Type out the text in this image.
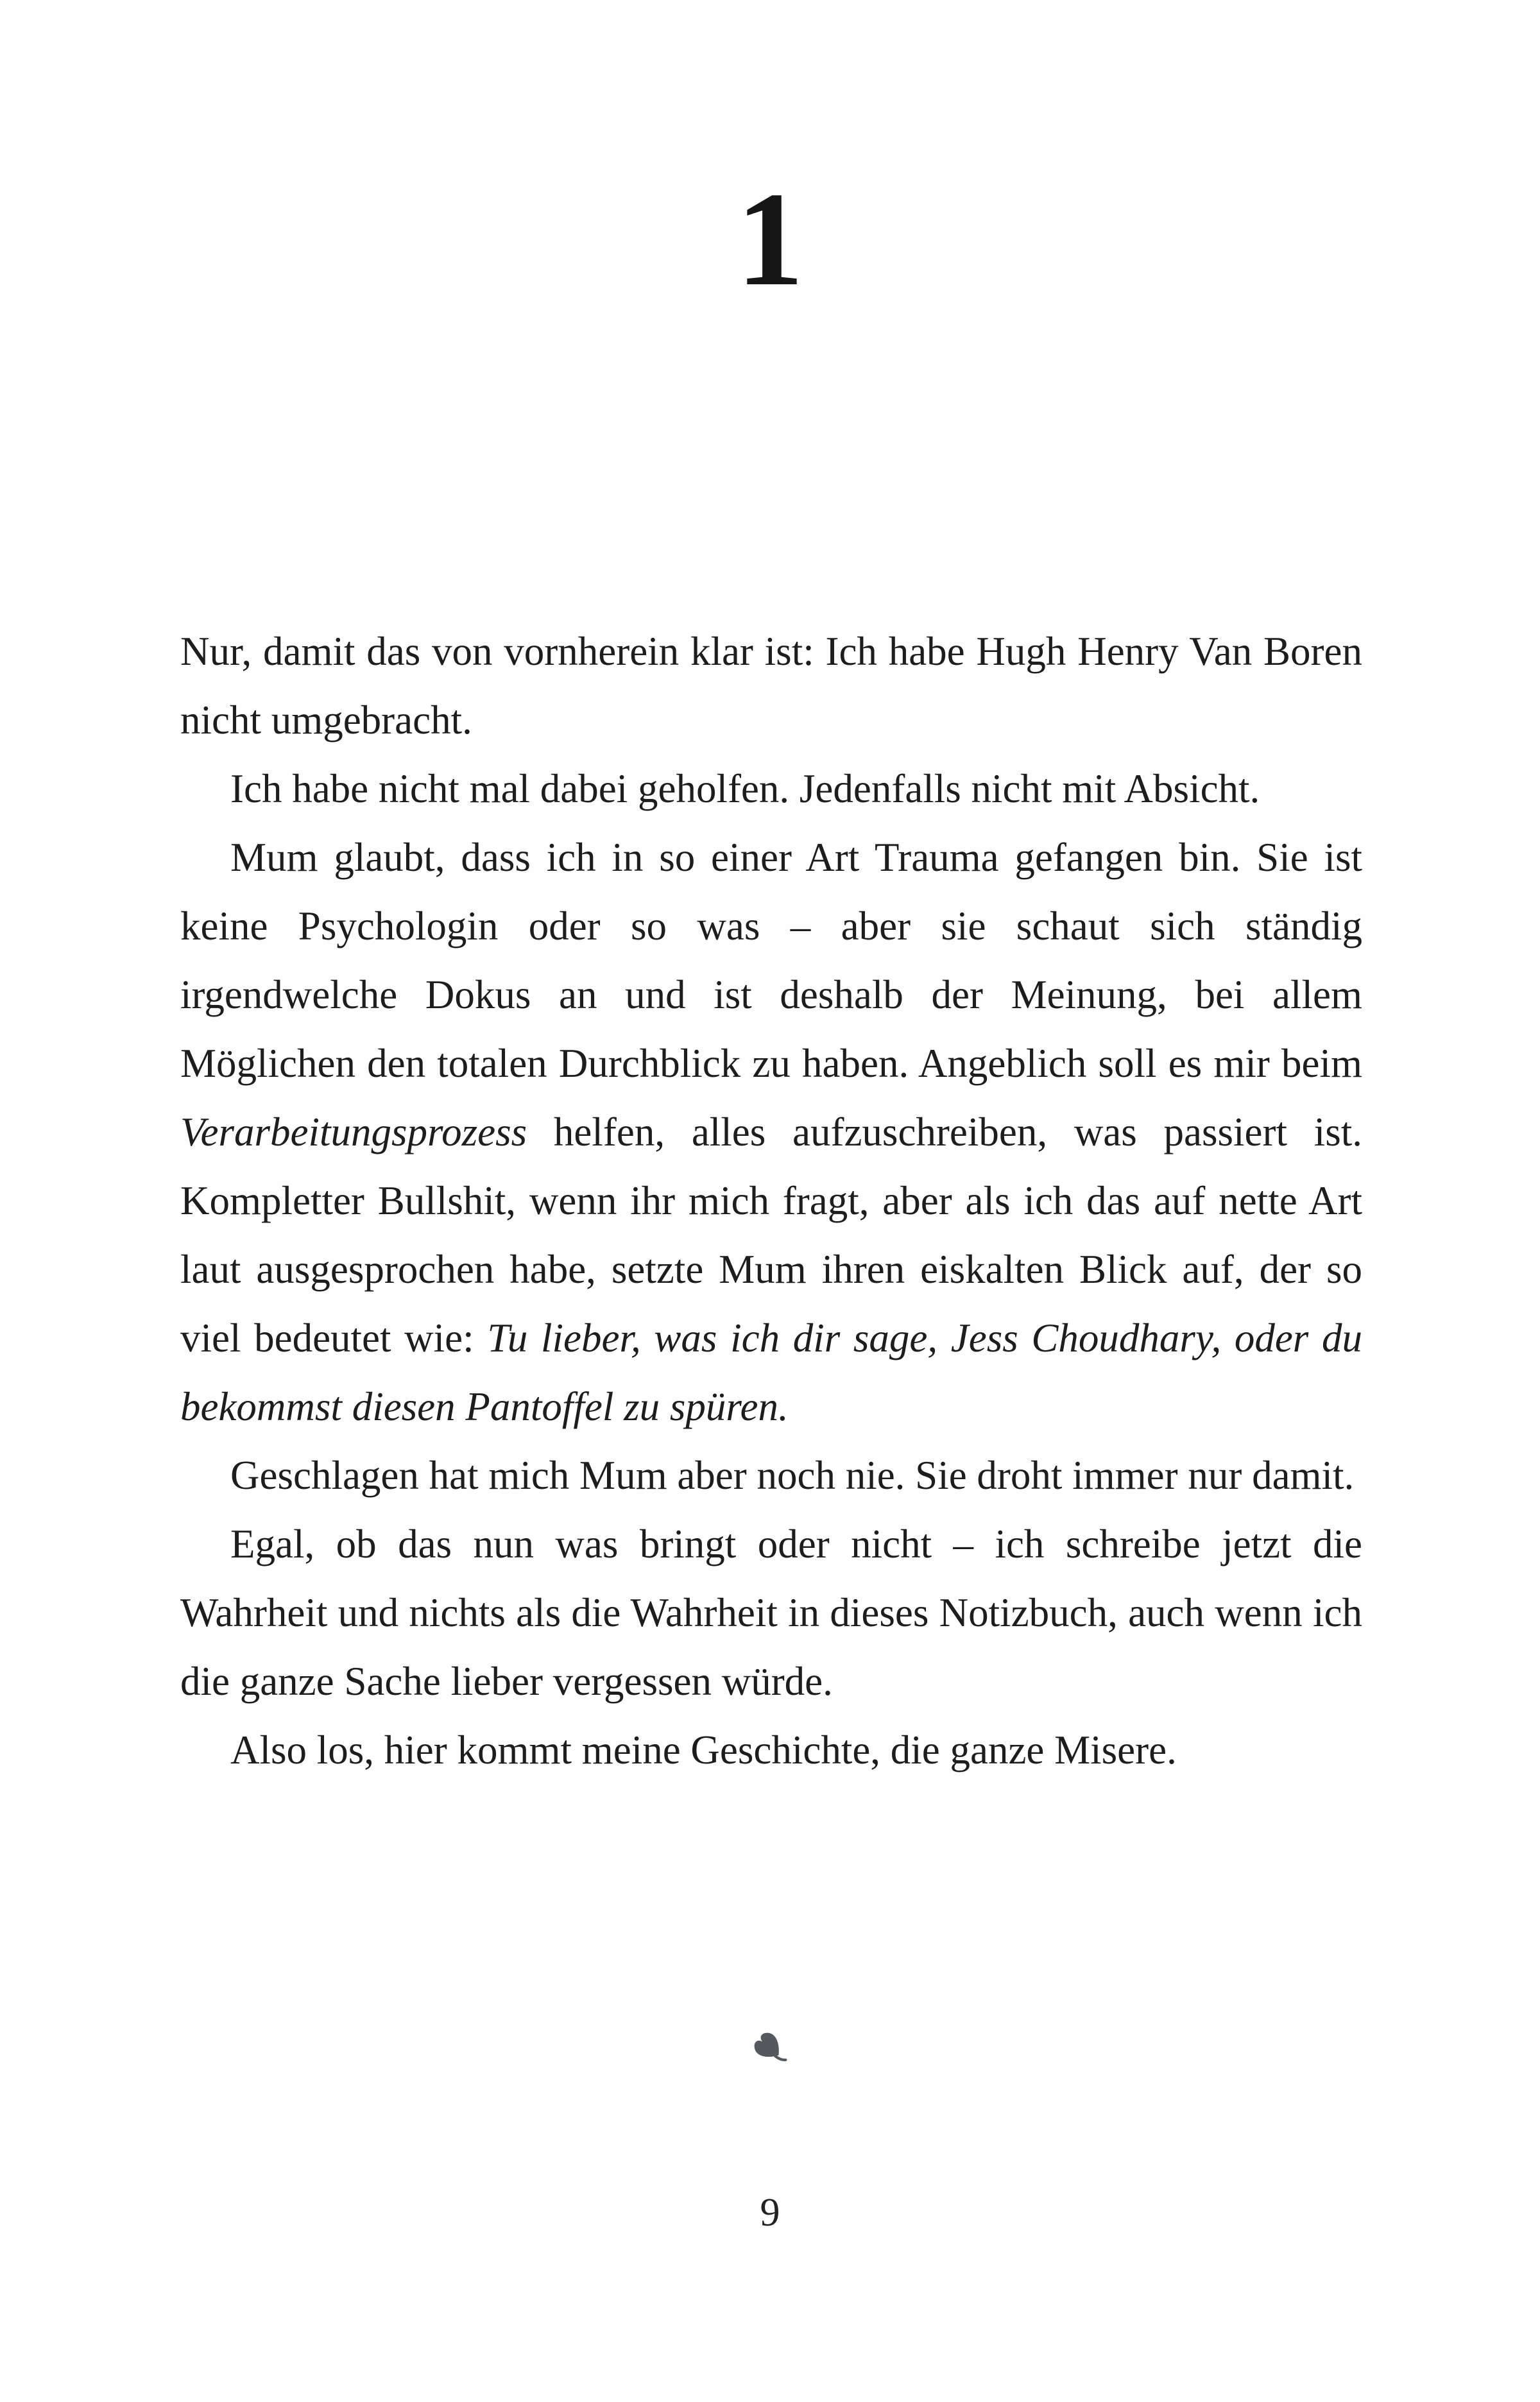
1

Nur, damit das von vornherein klar ist: Ich habe Hugh Henry Van Boren nicht umgebracht.

Ich habe nicht mal dabei geholfen. Jedenfalls nicht mit Absicht.

Mum glaubt, dass ich in so einer Art Trauma gefangen bin. Sie ist keine Psychologin oder so was – aber sie schaut sich ständig irgendwelche Dokus an und ist deshalb der Meinung, bei allem Möglichen den totalen Durchblick zu haben. Angeblich soll es mir beim Verarbeitungsprozess helfen, alles aufzuschreiben, was passiert ist. Kompletter Bullshit, wenn ihr mich fragt, aber als ich das auf nette Art laut ausgesprochen habe, setzte Mum ihren eiskalten Blick auf, der so viel bedeutet wie: Tu lieber, was ich dir sage, Jess Choudhary, oder du bekommst diesen Pantoffel zu spüren.

Geschlagen hat mich Mum aber noch nie. Sie droht immer nur damit.

Egal, ob das nun was bringt oder nicht – ich schreibe jetzt die Wahrheit und nichts als die Wahrheit in dieses Notizbuch, auch wenn ich die ganze Sache lieber vergessen würde.

Also los, hier kommt meine Geschichte, die ganze Misere.

9
